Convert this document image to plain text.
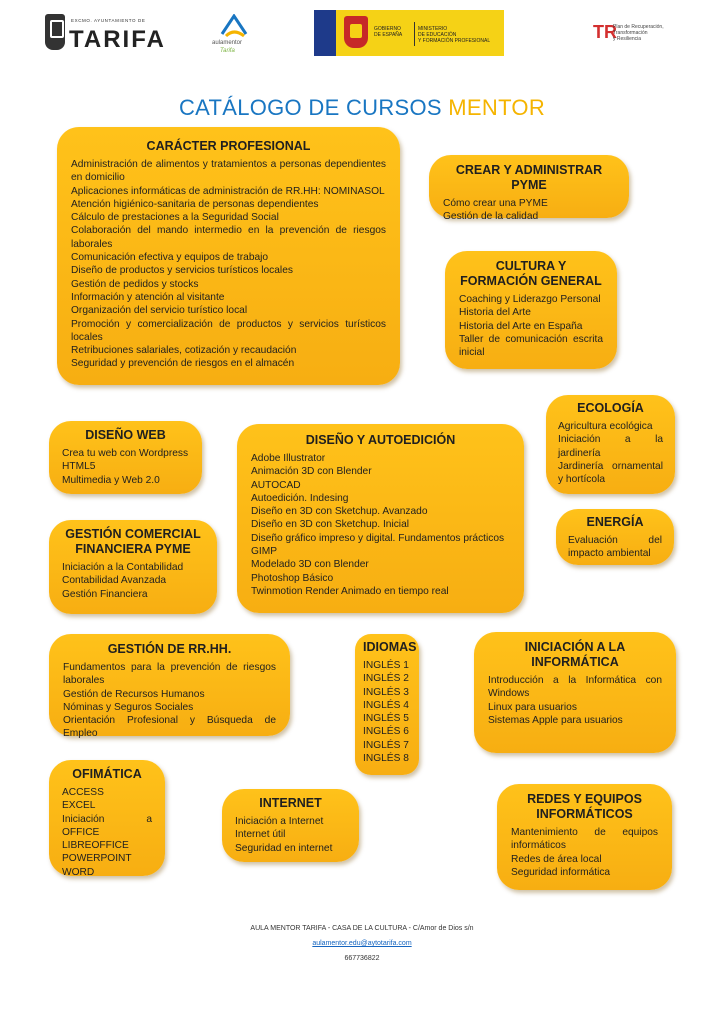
EXCMO. AYUNTAMIENTO DE
TARIFA	aulamentor
Tarifa
GOBIERNO
DE ESPAÑA
MINISTERIO
DE EDUCACIÓN
Y FORMACIÓN PROFESIONAL	TR
Plan de Recuperación,
Transformación
y Resiliencia
CATÁLOGO DE CURSOS MENTOR
CARÁCTER PROFESIONAL
Administración de alimentos y tratamientos a personas dependientes en domicilio
Aplicaciones informáticas de administración de RR.HH: NOMINASOL
Atención higiénico-sanitaria de personas dependientes
Cálculo de prestaciones a la Seguridad Social
Colaboración del mando intermedio en la prevención de riesgos laborales
Comunicación efectiva y equipos de trabajo
Diseño de productos y servicios turísticos locales
Gestión de pedidos y stocks
Información y atención al visitante
Organización del servicio turístico local
Promoción y comercialización de productos y servicios turísticos locales
Retribuciones salariales, cotización y recaudación
Seguridad y prevención de riesgos en el almacén
CREAR Y ADMINISTRAR PYME
Cómo crear una PYME
Gestión de la calidad
CULTURA Y FORMACIÓN GENERAL
Coaching y Liderazgo Personal
Historia del Arte
Historia del Arte en España
Taller de comunicación escrita inicial
ECOLOGÍA
Agricultura ecológica
Iniciación a la jardinería
Jardinería ornamental y hortícola
DISEÑO WEB
Crea tu web con Wordpress
HTML5
Multimedia y Web 2.0
DISEÑO Y AUTOEDICIÓN
Adobe Illustrator
Animación 3D con Blender
AUTOCAD
Autoedición. Indesing
Diseño en 3D con Sketchup. Avanzado
Diseño en 3D con Sketchup. Inicial
Diseño gráfico impreso y digital. Fundamentos prácticos
GIMP
Modelado 3D con Blender
Photoshop Básico
Twinmotion Render Animado en tiempo real
ENERGÍA
Evaluación del impacto ambiental
GESTIÓN COMERCIAL FINANCIERA PYME
Iniciación a la Contabilidad
Contabilidad Avanzada
Gestión Financiera
GESTIÓN DE RR.HH.
Fundamentos para la prevención de riesgos laborales
Gestión de Recursos Humanos
Nóminas y Seguros Sociales
Orientación Profesional y Búsqueda de Empleo
IDIOMAS
INGLÉS 1
INGLÉS 2
INGLÉS 3
INGLÉS 4
INGLÉS 5
INGLÉS 6
INGLÉS 7
INGLÉS 8
INICIACIÓN A LA INFORMÁTICA
Introducción a la Informática con Windows
Linux para usuarios
Sistemas Apple para usuarios
OFIMÁTICA
ACCESS
EXCEL
Iniciación a OFFICE
LIBREOFFICE
POWERPOINT
WORD
INTERNET
Iniciación a Internet
Internet útil
Seguridad en internet
REDES Y EQUIPOS INFORMÁTICOS
Mantenimiento de equipos informáticos
Redes de área local
Seguridad informática
AULA MENTOR TARIFA - CASA DE LA CULTURA - C/Amor de Dios s/n
aulamentor.edu@aytotarifa.com
667736822
